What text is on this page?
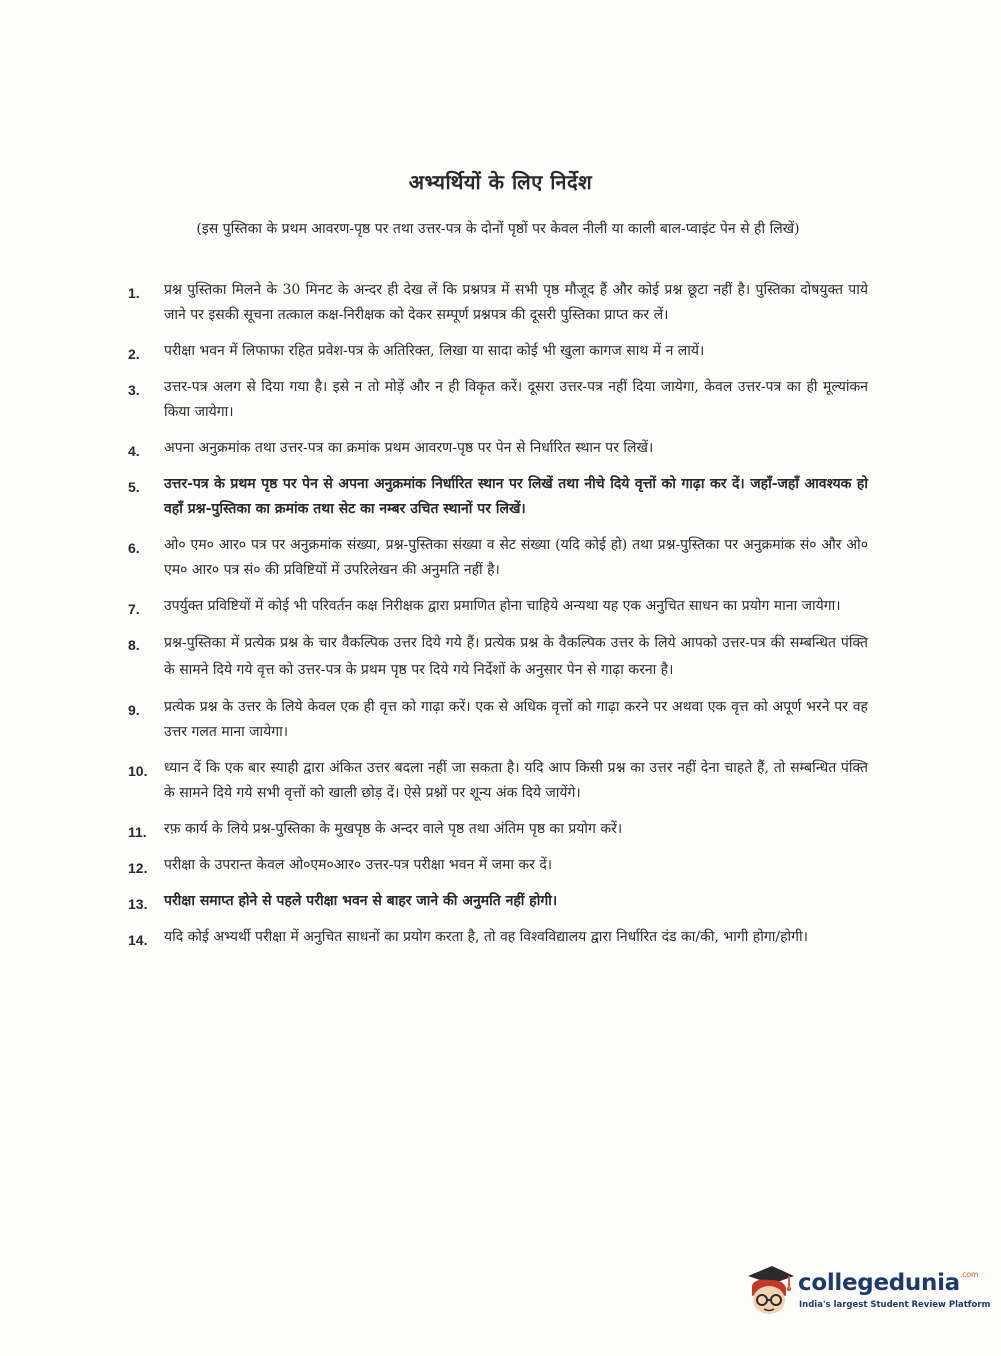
अभ्यर्थियों के लिए निर्देश
(इस पुस्तिका के प्रथम आवरण-पृष्ठ पर तथा उत्तर-पत्र के दोनों पृष्ठों पर केवल नीली या काली बाल-प्वाइंट पेन से ही लिखें)
1. प्रश्न पुस्तिका मिलने के 30 मिनट के अन्दर ही देख लें कि प्रश्नपत्र में सभी पृष्ठ मौजूद हैं और कोई प्रश्न छूटा नहीं है। पुस्तिका दोषयुक्त पाये जाने पर इसकी सूचना तत्काल कक्ष-निरीक्षक को देकर सम्पूर्ण प्रश्नपत्र की दूसरी पुस्तिका प्राप्त कर लें।
2. परीक्षा भवन में लिफाफा रहित प्रवेश-पत्र के अतिरिक्त, लिखा या सादा कोई भी खुला कागज साथ में न लायें।
3. उत्तर-पत्र अलग से दिया गया है। इसे न तो मोड़ें और न ही विकृत करें। दूसरा उत्तर-पत्र नहीं दिया जायेगा, केवल उत्तर-पत्र का ही मूल्यांकन किया जायेगा।
4. अपना अनुक्रमांक तथा उत्तर-पत्र का क्रमांक प्रथम आवरण-पृष्ठ पर पेन से निर्धारित स्थान पर लिखें।
5. उत्तर-पत्र के प्रथम पृष्ठ पर पेन से अपना अनुक्रमांक निर्धारित स्थान पर लिखें तथा नीचे दिये वृत्तों को गाढ़ा कर दें। जहाँ-जहाँ आवश्यक हो वहाँ प्रश्न-पुस्तिका का क्रमांक तथा सेट का नम्बर उचित स्थानों पर लिखें।
6. ओ० एम० आर० पत्र पर अनुक्रमांक संख्या, प्रश्न-पुस्तिका संख्या व सेट संख्या (यदि कोई हो) तथा प्रश्न-पुस्तिका पर अनुक्रमांक सं० और ओ० एम० आर० पत्र सं० की प्रविष्टियों में उपरिलेखन की अनुमति नहीं है।
7. उपर्युक्त प्रविष्टियों में कोई भी परिवर्तन कक्ष निरीक्षक द्वारा प्रमाणित होना चाहिये अन्यथा यह एक अनुचित साधन का प्रयोग माना जायेगा।
8. प्रश्न-पुस्तिका में प्रत्येक प्रश्न के चार वैकल्पिक उत्तर दिये गये हैं। प्रत्येक प्रश्न के वैकल्पिक उत्तर के लिये आपको उत्तर-पत्र की सम्बन्धित पंक्ति के सामने दिये गये वृत्त को उत्तर-पत्र के प्रथम पृष्ठ पर दिये गये निर्देशों के अनुसार पेन से गाढ़ा करना है।
9. प्रत्येक प्रश्न के उत्तर के लिये केवल एक ही वृत्त को गाढ़ा करें। एक से अधिक वृत्तों को गाढ़ा करने पर अथवा एक वृत्त को अपूर्ण भरने पर वह उत्तर गलत माना जायेगा।
10. ध्यान दें कि एक बार स्याही द्वारा अंकित उत्तर बदला नहीं जा सकता है। यदि आप किसी प्रश्न का उत्तर नहीं देना चाहते हैं, तो सम्बन्धित पंक्ति के सामने दिये गये सभी वृत्तों को खाली छोड़ दें। ऐसे प्रश्नों पर शून्य अंक दिये जायेंगे।
11. रफ़ कार्य के लिये प्रश्न-पुस्तिका के मुखपृष्ठ के अन्दर वाले पृष्ठ तथा अंतिम पृष्ठ का प्रयोग करें।
12. परीक्षा के उपरान्त केवल ओ०एम०आर० उत्तर-पत्र परीक्षा भवन में जमा कर दें।
13. परीक्षा समाप्त होने से पहले परीक्षा भवन से बाहर जाने की अनुमति नहीं होगी।
14. यदि कोई अभ्यर्थी परीक्षा में अनुचित साधनों का प्रयोग करता है, तो वह विश्वविद्यालय द्वारा निर्धारित दंड का/की, भागी होगा/होगी।
collegedunia$^{.com}$
India's largest Student Review Platform
